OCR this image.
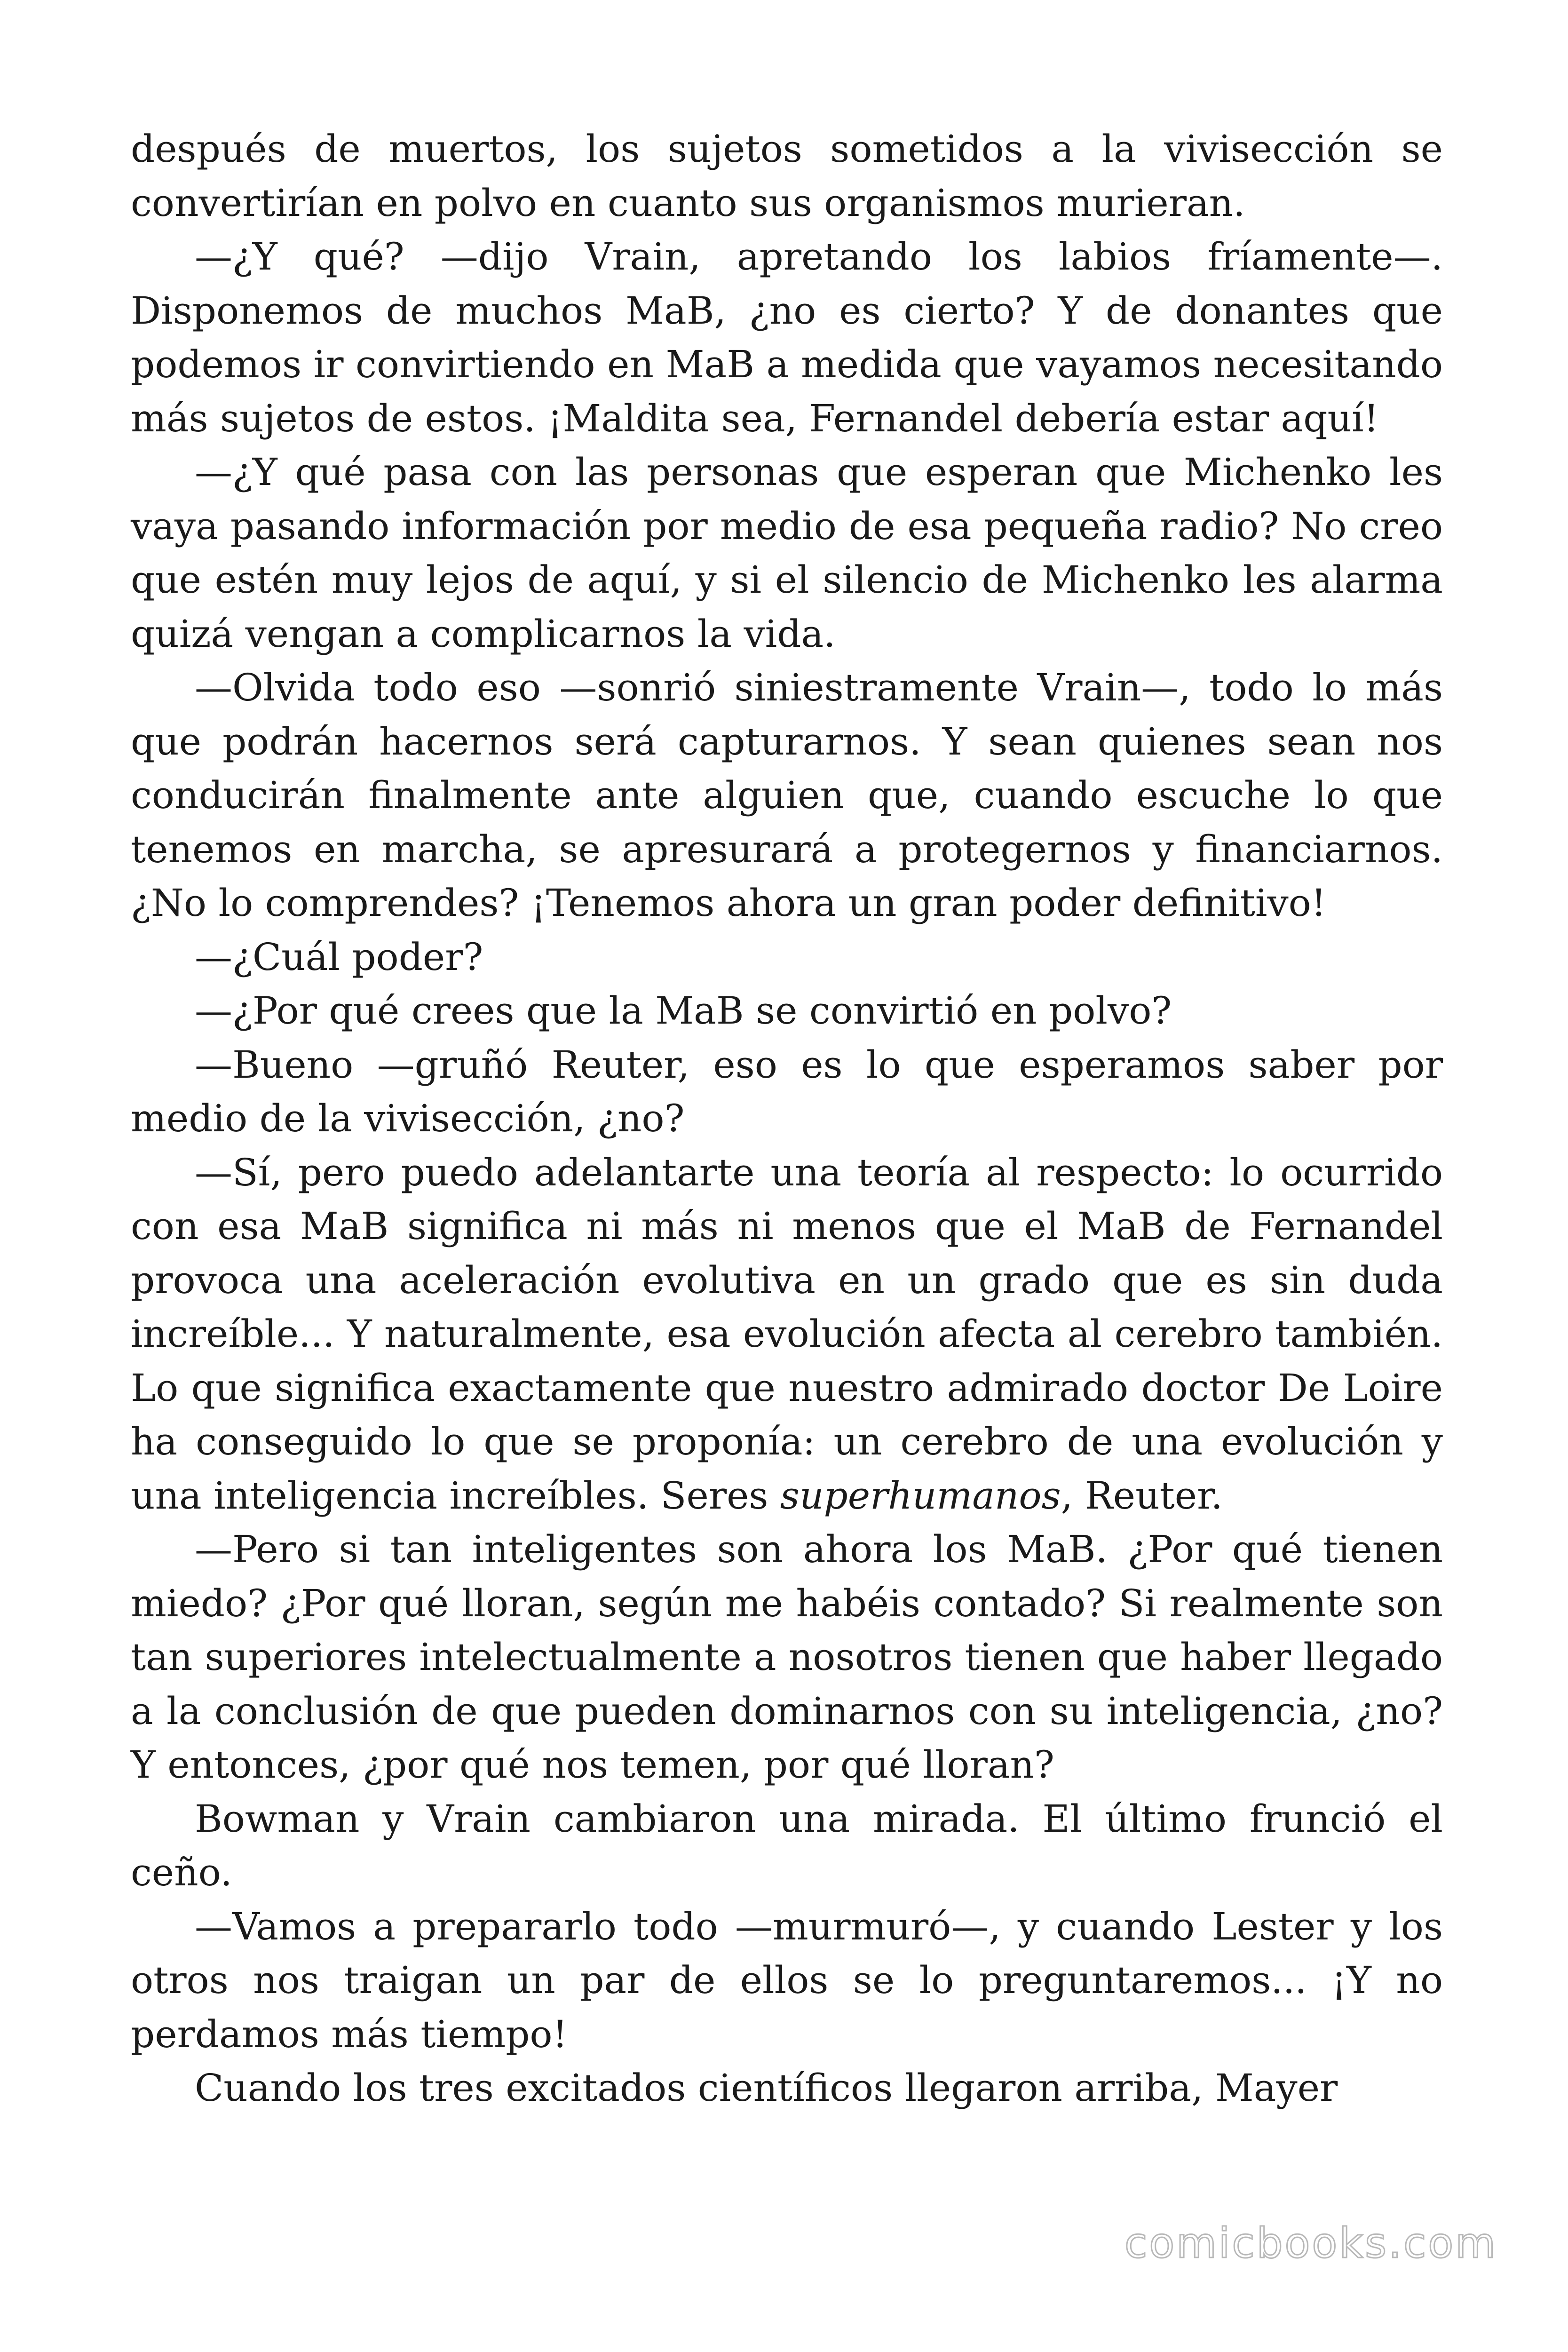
después de muertos, los sujetos sometidos a la vivisección se convertirían en polvo en cuanto sus organismos murieran.

—¿Y qué? —dijo Vrain, apretando los labios fríamente—. Disponemos de muchos MaB, ¿no es cierto? Y de donantes que podemos ir convirtiendo en MaB a medida que vayamos necesitando más sujetos de estos. ¡Maldita sea, Fernandel debería estar aquí!

—¿Y qué pasa con las personas que esperan que Michenko les vaya pasando información por medio de esa pequeña radio? No creo que estén muy lejos de aquí, y si el silencio de Michenko les alarma quizá vengan a complicarnos la vida.

—Olvida todo eso —sonrió siniestramente Vrain—, todo lo más que podrán hacernos será capturarnos. Y sean quienes sean nos conducirán finalmente ante alguien que, cuando escuche lo que tenemos en marcha, se apresurará a protegernos y financiarnos. ¿No lo comprendes? ¡Tenemos ahora un gran poder definitivo!

—¿Cuál poder?

—¿Por qué crees que la MaB se convirtió en polvo?

—Bueno —gruñó Reuter, eso es lo que esperamos saber por medio de la vivisección, ¿no?

—Sí, pero puedo adelantarte una teoría al respecto: lo ocurrido con esa MaB significa ni más ni menos que el MaB de Fernandel provoca una aceleración evolutiva en un grado que es sin duda increíble... Y naturalmente, esa evolución afecta al cerebro también. Lo que significa exactamente que nuestro admirado doctor De Loire ha conseguido lo que se proponía: un cerebro de una evolución y una inteligencia increíbles. Seres superhumanos, Reuter.

—Pero si tan inteligentes son ahora los MaB. ¿Por qué tienen miedo? ¿Por qué lloran, según me habéis contado? Si realmente son tan superiores intelectualmente a nosotros tienen que haber llegado a la conclusión de que pueden dominarnos con su inteligencia, ¿no? Y entonces, ¿por qué nos temen, por qué lloran?

Bowman y Vrain cambiaron una mirada. El último frunció el ceño.

—Vamos a prepararlo todo —murmuró—, y cuando Lester y los otros nos traigan un par de ellos se lo preguntaremos... ¡Y no perdamos más tiempo!

Cuando los tres excitados científicos llegaron arriba, Mayer

comicbooks.com
